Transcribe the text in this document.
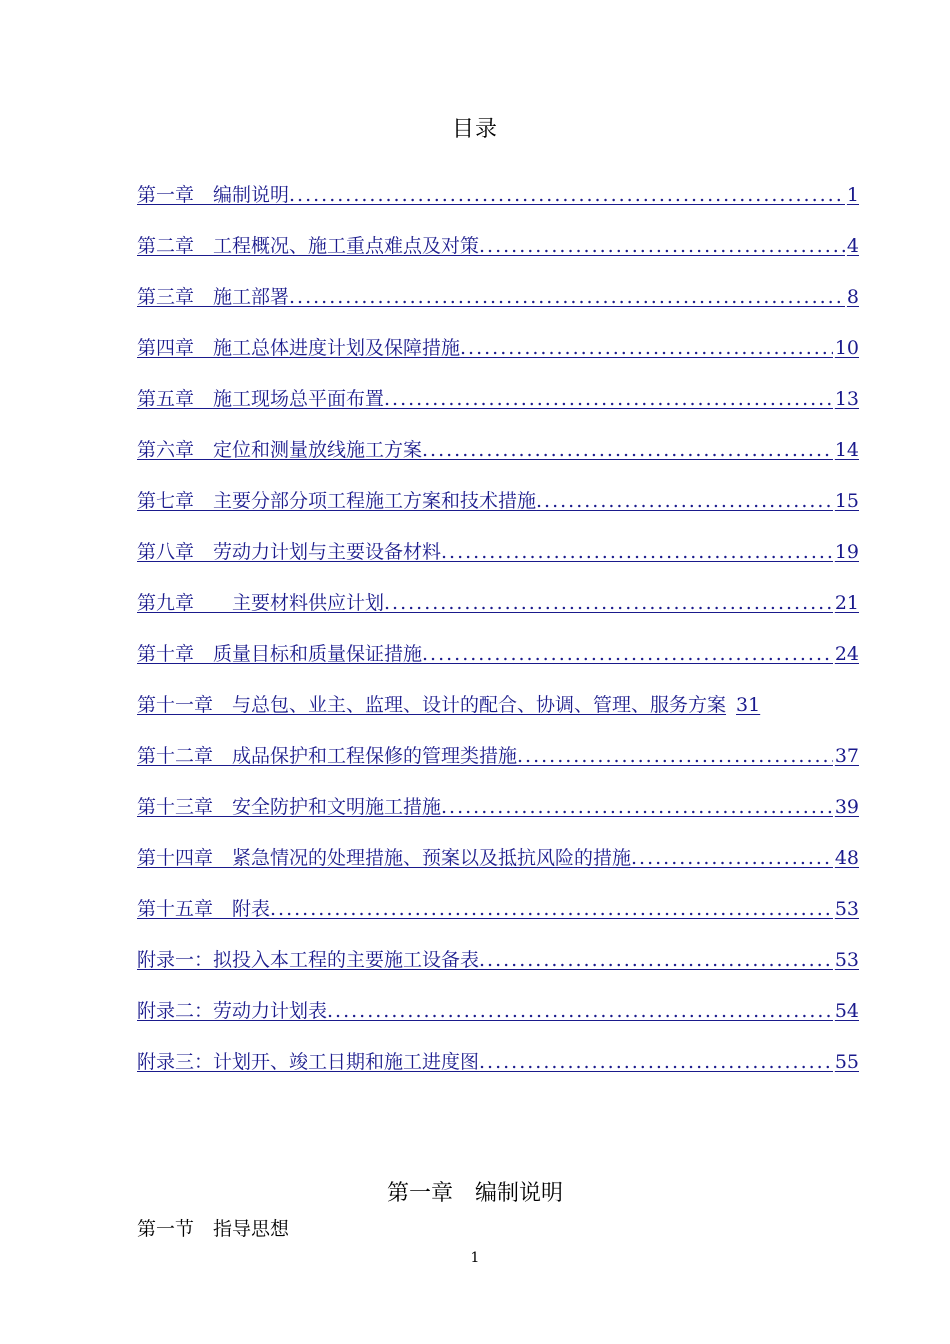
目录
第一章　编制说明 .....	1
第二章　工程概况、施工重点难点及对策 .....	4
第三章　施工部署 .....	8
第四章　施工总体进度计划及保障措施 .....	10
第五章　施工现场总平面布置 .....	13
第六章　定位和测量放线施工方案 .....	14
第七章　主要分部分项工程施工方案和技术措施 .....	15
第八章　劳动力计划与主要设备材料 .....	19
第九章　　主要材料供应计划 .....	21
第十章　质量目标和质量保证措施 .....	24
第十一章　与总包、业主、监理、设计的配合、协调、管理、服务方案 31
第十二章　成品保护和工程保修的管理类措施 .....	37
第十三章　安全防护和文明施工措施 .....	39
第十四章　紧急情况的处理措施、预案以及抵抗风险的措施 .....	48
第十五章　附表 .....	53
附录一：拟投入本工程的主要施工设备表 .....	53
附录二：劳动力计划表 .....	54
附录三：计划开、竣工日期和施工进度图 .....	55
第一章　编制说明
第一节　指导思想
1
